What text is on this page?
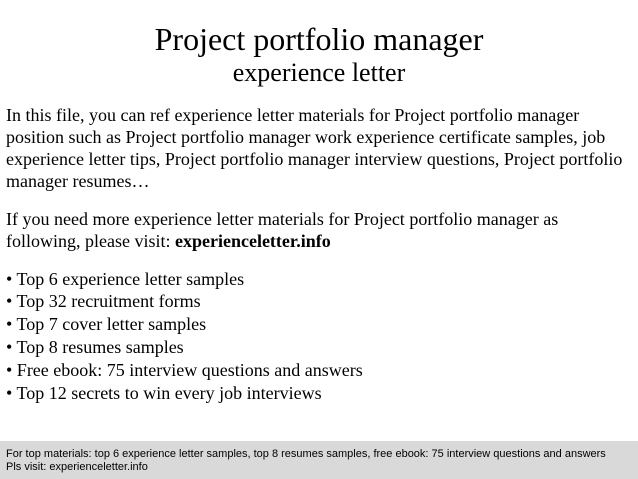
Project portfolio manager
experience letter
In this file, you can ref experience letter materials for Project portfolio manager position such as Project portfolio manager work experience certificate samples, job experience letter tips, Project portfolio manager interview questions, Project portfolio manager resumes…
If you need more experience letter materials for Project portfolio manager as following, please visit: experienceletter.info
• Top 6 experience letter samples
• Top 32 recruitment forms
• Top 7 cover letter samples
• Top 8 resumes samples
• Free ebook: 75 interview questions and answers
• Top 12 secrets to win every job interviews
For top materials: top 6 experience letter samples, top 8 resumes samples, free ebook: 75 interview questions and answers
Pls visit: experienceletter.info
